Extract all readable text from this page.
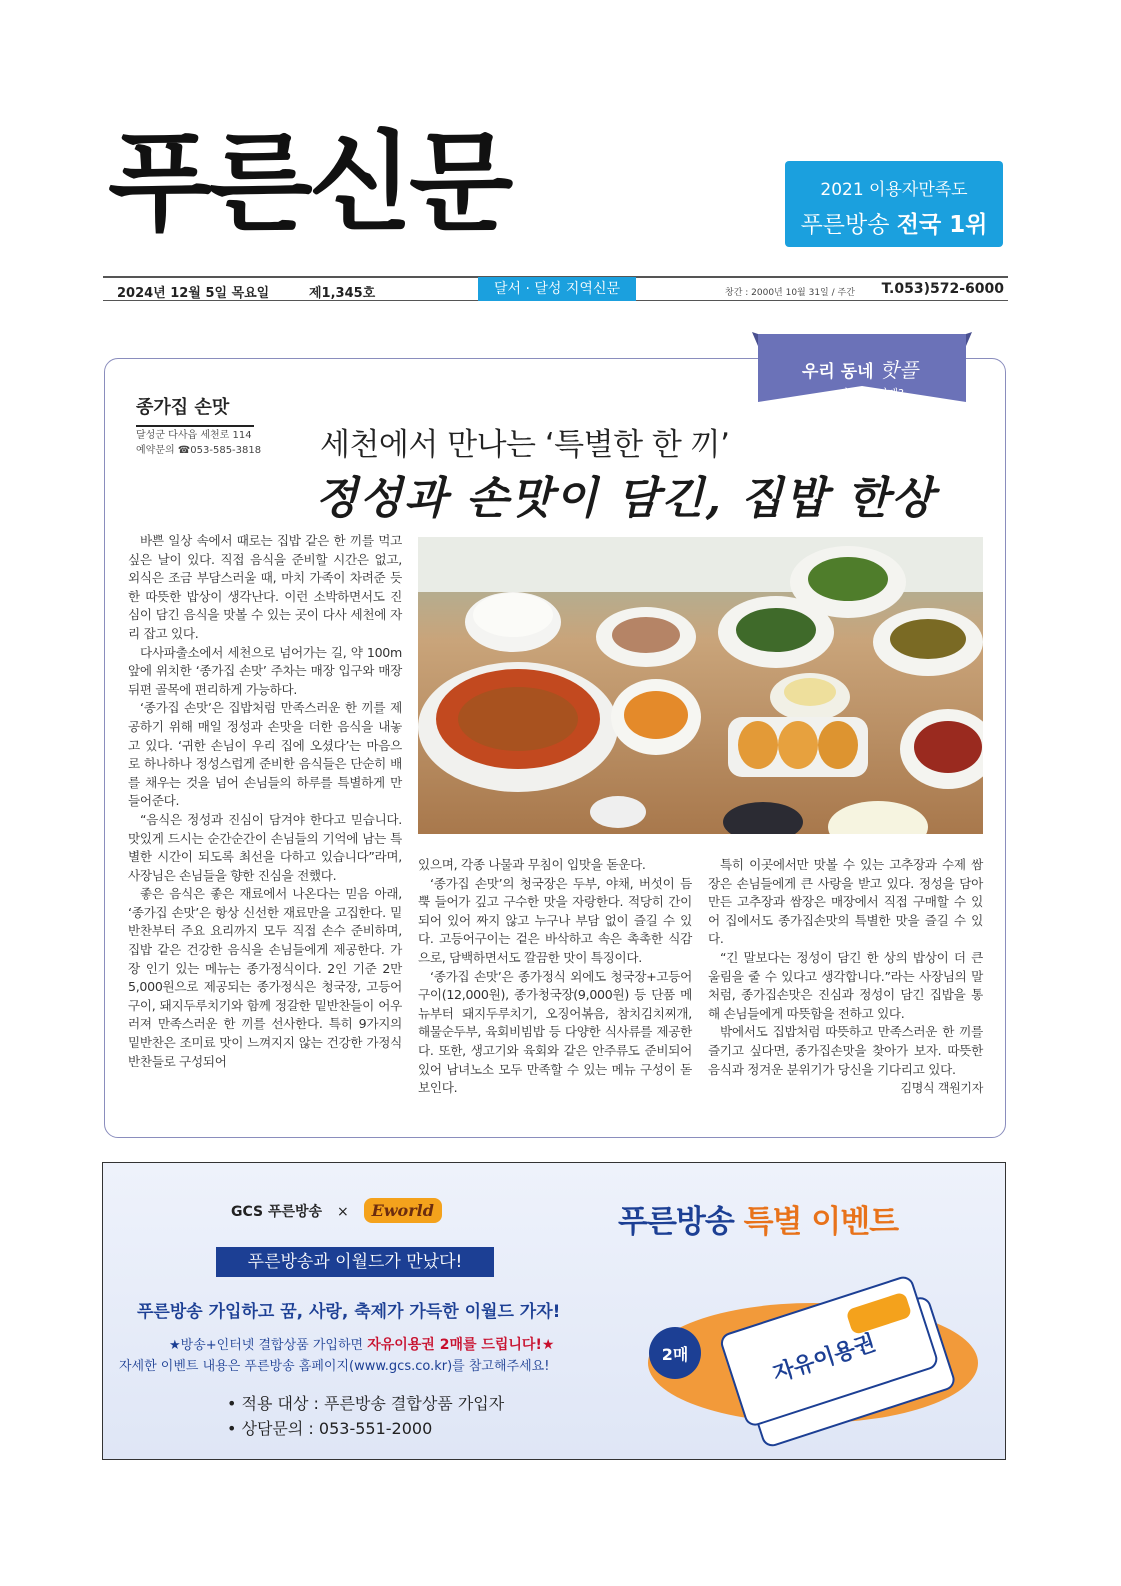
푸른신문	2021 이용자만족도
푸른방송 전국 1위
2024년 12월 5일 목요일	제1,345호	달서 · 달성 지역신문	창간 : 2000년 10월 31일 / 주간 T.053)572-6000
우리 동네 핫플
이 가게 어때?
종가집 손맛
달성군 다사읍 세천로 114
예약문의 ☎053-585-3818 세천에서 만나는 ‘특별한 한 끼’
정성과 손맛이 담긴, 집밥 한상

바쁜 일상 속에서 때로는 집밥 같은 한 끼를 먹고 싶은 날이 있다. 직접 음식을 준비할 시간은 없고, 외식은 조금 부담스러울 때, 마치 가족이 차려준 듯한 따뜻한 밥상이 생각난다. 이런 소박하면서도 진심이 담긴 음식을 맛볼 수 있는 곳이 다사 세천에 자리 잡고 있다.

다사파출소에서 세천으로 넘어가는 길, 약 100m 앞에 위치한 ‘종가집 손맛’ 주차는 매장 입구와 매장 뒤편 골목에 편리하게 가능하다.

‘종가집 손맛’은 집밥처럼 만족스러운 한 끼를 제공하기 위해 매일 정성과 손맛을 더한 음식을 내놓고 있다. ‘귀한 손님이 우리 집에 오셨다’는 마음으로 하나하나 정성스럽게 준비한 음식들은 단순히 배를 채우는 것을 넘어 손님들의 하루를 특별하게 만들어준다.

“음식은 정성과 진심이 담겨야 한다고 믿습니다. 맛있게 드시는 순간순간이 손님들의 기억에 남는 특별한 시간이 되도록 최선을 다하고 있습니다”라며, 사장님은 손님들을 향한 진심을 전했다.

좋은 음식은 좋은 재료에서 나온다는 믿음 아래, ‘종가집 손맛’은 항상 신선한 재료만을 고집한다. 밑반찬부터 주요 요리까지 모두 직접 손수 준비하며, 집밥 같은 건강한 음식을 손님들에게 제공한다. 가장 인기 있는 메뉴는 종가정식이다. 2인 기준 2만 5,000원으로 제공되는 종가정식은 청국장, 고등어구이, 돼지두루치기와 함께 정갈한 밑반찬들이 어우러져 만족스러운 한 끼를 선사한다. 특히 9가지의 밑반찬은 조미료 맛이 느껴지지 않는 건강한 가정식 반찬들로 구성되어

있으며, 각종 나물과 무침이 입맛을 돋운다.

‘종가집 손맛’의 청국장은 두부, 야채, 버섯이 듬뿍 들어가 깊고 구수한 맛을 자랑한다. 적당히 간이 되어 있어 짜지 않고 누구나 부담 없이 즐길 수 있다. 고등어구이는 겉은 바삭하고 속은 촉촉한 식감으로, 담백하면서도 깔끔한 맛이 특징이다.

‘종가집 손맛’은 종가정식 외에도 청국장+고등어구이(12,000원), 종가청국장(9,000원) 등 단품 메뉴부터 돼지두루치기, 오징어볶음, 참치김치찌개, 해물순두부, 육회비빔밥 등 다양한 식사류를 제공한다. 또한, 생고기와 육회와 같은 안주류도 준비되어 있어 남녀노소 모두 만족할 수 있는 메뉴 구성이 돋보인다.

특히 이곳에서만 맛볼 수 있는 고추장과 수제 쌈장은 손님들에게 큰 사랑을 받고 있다. 정성을 담아 만든 고추장과 쌈장은 매장에서 직접 구매할 수 있어 집에서도 종가집손맛의 특별한 맛을 즐길 수 있다.

“긴 말보다는 정성이 담긴 한 상의 밥상이 더 큰 울림을 줄 수 있다고 생각합니다.”라는 사장님의 말처럼, 종가집손맛은 진심과 정성이 담긴 집밥을 통해 손님들에게 따뜻함을 전하고 있다.

밖에서도 집밥처럼 따뜻하고 만족스러운 한 끼를 즐기고 싶다면, 종가집손맛을 찾아가 보자. 따뜻한 음식과 정겨운 분위기가 당신을 기다리고 있다.

김명식 객원기자
GCS 푸른방송 × Eworld
푸른방송과 이월드가 만났다!
푸른방송 가입하고 꿈, 사랑, 축제가 가득한 이월드 가자!
★방송+인터넷 결합상품 가입하면 자유이용권 2매를 드립니다!★
자세한 이벤트 내용은 푸른방송 홈페이지(www.gcs.co.kr)를 참고해주세요!
• 적용 대상 : 푸른방송 결합상품 가입자
• 상담문의 : 053-551-2000
푸른방송 특별 이벤트
자유이용권
2매
